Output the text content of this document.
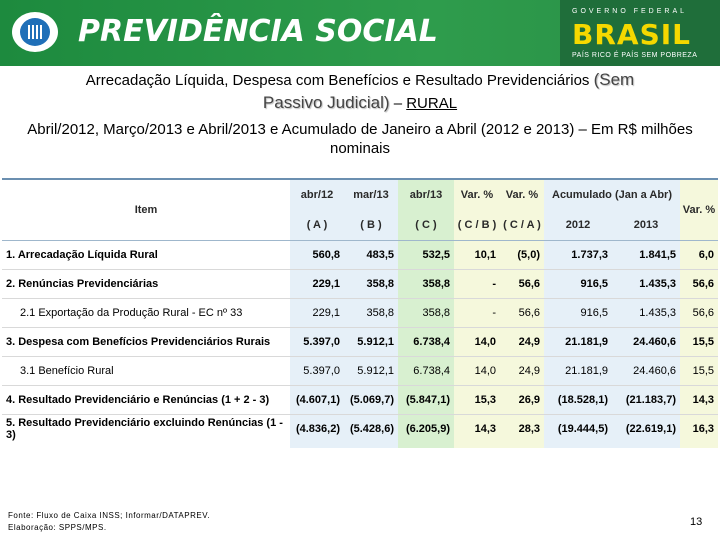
PREVIDÊNCIA SOCIAL
GOVERNO FEDERAL
BRASIL
PAÍS RICO É PAÍS SEM POBREZA
Arrecadação Líquida, Despesa com Benefícios e Resultado Previdenciários (Sem
Passivo Judicial) – RURAL
Abril/2012, Março/2013 e Abril/2013 e Acumulado de Janeiro a Abril (2012 e 2013) – Em R$ milhões nominais
Item
abr/12	mar/13	abr/13	Var. %	Var. %	Acumulado (Jan a Abr)
Var. %
( A )	( B )	( C )	( C / B ) ( C / A )	2012	2013
1. Arrecadação Líquida Rural	560,8	483,5	532,5	10,1	(5,0)	1.737,3	1.841,5	6,0
2. Renúncias Previdenciárias	229,1	358,8	358,8	-	56,6	916,5	1.435,3	56,6
2.1 Exportação da Produção Rural - EC nº 33	229,1	358,8	358,8	-	56,6	916,5	1.435,3	56,6
3. Despesa com Benefícios Previdenciários Rurais	5.397,0	5.912,1	6.738,4	14,0	24,9	21.181,9	24.460,6	15,5
3.1 Benefício Rural	5.397,0	5.912,1	6.738,4	14,0	24,9	21.181,9	24.460,6	15,5
4. Resultado Previdenciário e Renúncias (1 + 2 - 3)	(4.607,1) (5.069,7)	(5.847,1)	15,3	26,9	(18.528,1)	(21.183,7)	14,3
5. Resultado Previdenciário excluindo Renúncias (1 - 3)	(4.836,2) (5.428,6)	(6.205,9)	14,3	28,3	(19.444,5)	(22.619,1)	16,3
Fonte: Fluxo de Caixa INSS; Informar/DATAPREV.
Elaboração: SPPS/MPS.	13
